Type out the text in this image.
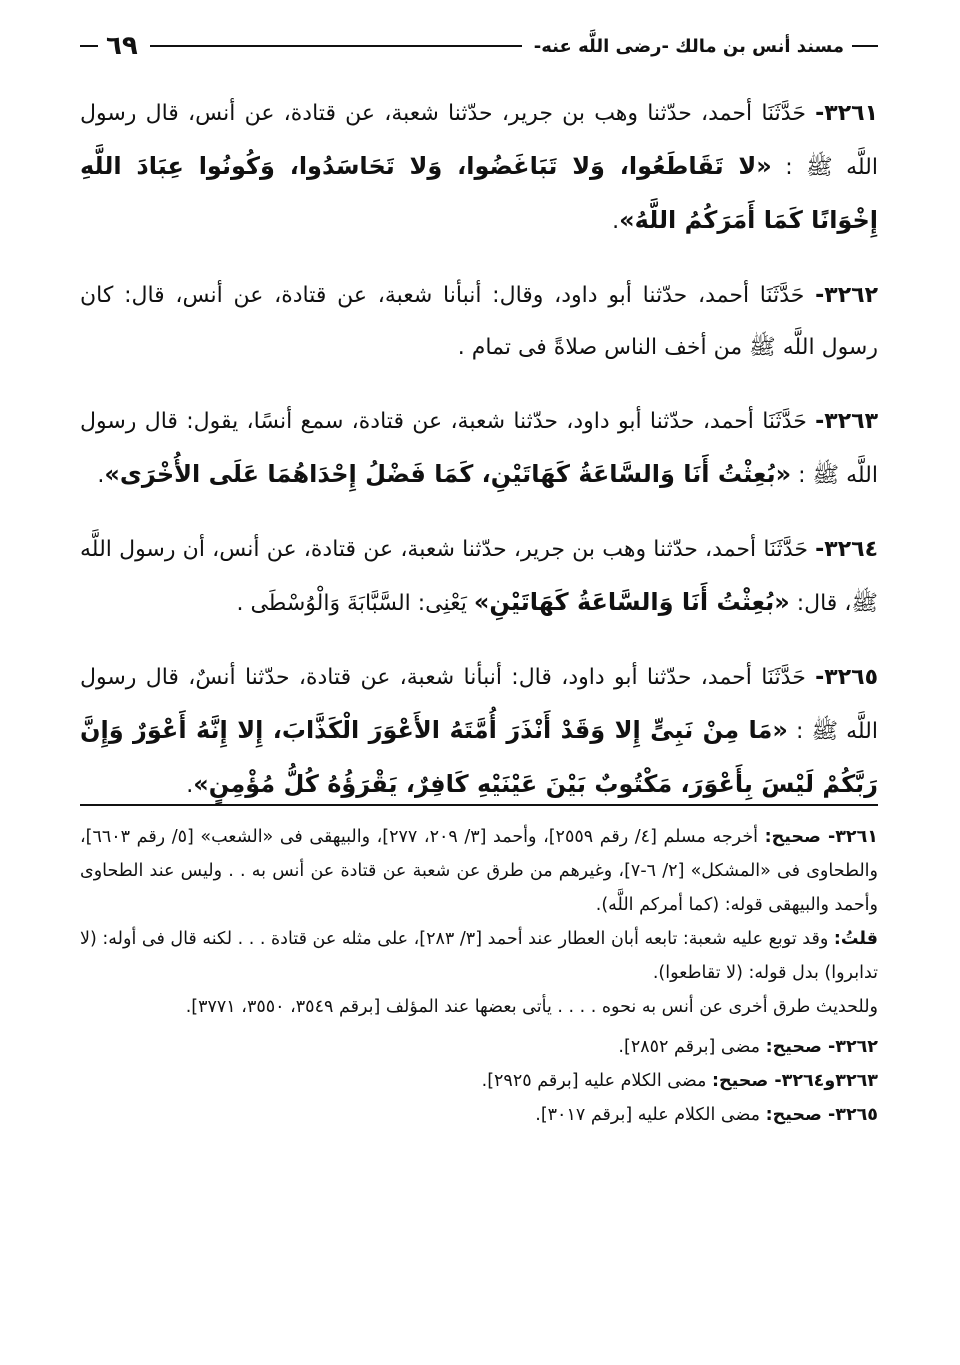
مسند أنس بن مالك -رضى اللَّه عنه-
٦٩

٣٢٦١- حَدَّثَنَا أحمد، حدّثنا وهب بن جرير، حدّثنا شعبة، عن قتادة، عن أنس، قال رسول اللَّه ﷺ : «لا تَقَاطَعُوا، وَلا تَبَاغَضُوا، وَلا تَحَاسَدُوا، وَكُونُوا عِبَادَ اللَّهِ إِخْوَانًا كَمَا أَمَرَكُمُ اللَّهُ».

٣٢٦٢- حَدَّثَنَا أحمد، حدّثنا أبو داود، وقال: أنبأنا شعبة، عن قتادة، عن أنس، قال: كان رسول اللَّه ﷺ من أخف الناس صلاةً فى تمام .

٣٢٦٣- حَدَّثَنَا أحمد، حدّثنا أبو داود، حدّثنا شعبة، عن قتادة، سمع أنسًا، يقول: قال رسول اللَّه ﷺ : «بُعِثْتُ أَنَا وَالسَّاعَةُ كَهَاتَيْنِ، كَمَا فَضْلُ إِحْدَاهُمَا عَلَى الأُخْرَى».

٣٢٦٤- حَدَّثَنَا أحمد، حدّثنا وهب بن جرير، حدّثنا شعبة، عن قتادة، عن أنس، أن رسول اللَّه ﷺ، قال: «بُعِثْتُ أَنَا وَالسَّاعَةُ كَهَاتَيْنِ» يَعْنِى: السَّبَّابَةَ وَالْوُسْطَى .

٣٢٦٥- حَدَّثَنَا أحمد، حدّثنا أبو داود، قال: أنبأنا شعبة، عن قتادة، حدّثنا أنسٌ، قال رسول اللَّه ﷺ : «مَا مِنْ نَبِىٍّ إِلا وَقَدْ أَنْذَرَ أُمَّتَهُ الأَعْوَرَ الْكَذَّابَ، إِلا إِنَّهُ أَعْوَرٌ وَإِنَّ رَبَّكُمْ لَيْسَ بِأَعْوَرَ، مَكْتُوبٌ بَيْنَ عَيْنَيْهِ كَافِرٌ، يَقْرَؤُهُ كُلُّ مُؤْمِنٍ».

٣٢٦١- صحيح: أخرجه مسلم [٤/ رقم ٢٥٥٩]، وأحمد [٣/ ٢٠٩، ٢٧٧]، والبيهقى فى «الشعب» [٥/ رقم ٦٦٠٣]، والطحاوى فى «المشكل» [٢/ ٦-٧]، وغيرهم من طرق عن شعبة عن قتادة عن أنس به . . وليس عند الطحاوى وأحمد والبيهقى قوله: (كما أمركم اللَّه).
قلتُ: وقد توبع عليه شعبة: تابعه أبان العطار عند أحمد [٣/ ٢٨٣]، على مثله عن قتادة . . . لكنه قال فى أوله: (لا تدابروا) بدل قوله: (لا تقاطعوا).
وللحديث طرق أخرى عن أنس به نحوه . . . . يأتى بعضها عند المؤلف [برقم ٣٥٤٩، ٣٥٥٠، ٣٧٧١].
٣٢٦٢- صحيح: مضى [برقم ٢٨٥٢].
٣٢٦٣و٣٢٦٤- صحيح: مضى الكلام عليه [برقم ٢٩٢٥].
٣٢٦٥- صحيح: مضى الكلام عليه [برقم ٣٠١٧].
